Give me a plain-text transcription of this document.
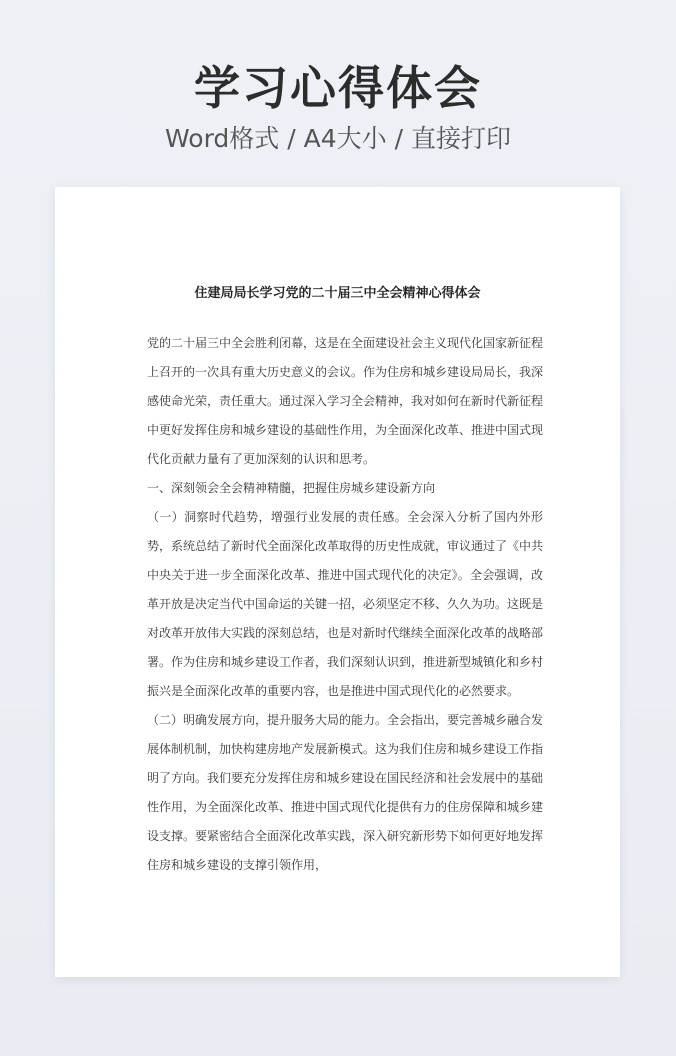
学习心得体会
Word格式 / A4大小 / 直接打印
住建局局长学习党的二十届三中全会精神心得体会

党的二十届三中全会胜利闭幕，这是在全面建设社会主义现代化国家新征程上召开的一次具有重大历史意义的会议。作为住房和城乡建设局局长，我深感使命光荣，责任重大。通过深入学习全会精神，我对如何在新时代新征程中更好发挥住房和城乡建设的基础性作用，为全面深化改革、推进中国式现代化贡献力量有了更加深刻的认识和思考。

一、深刻领会全会精神精髓，把握住房城乡建设新方向

（一）洞察时代趋势，增强行业发展的责任感。全会深入分析了国内外形势，系统总结了新时代全面深化改革取得的历史性成就，审议通过了《中共中央关于进一步全面深化改革、推进中国式现代化的决定》。全会强调，改革开放是决定当代中国命运的关键一招，必须坚定不移、久久为功。这既是对改革开放伟大实践的深刻总结，也是对新时代继续全面深化改革的战略部署。作为住房和城乡建设工作者，我们深刻认识到，推进新型城镇化和乡村振兴是全面深化改革的重要内容，也是推进中国式现代化的必然要求。

（二）明确发展方向，提升服务大局的能力。全会指出，要完善城乡融合发展体制机制，加快构建房地产发展新模式。这为我们住房和城乡建设工作指明了方向。我们要充分发挥住房和城乡建设在国民经济和社会发展中的基础性作用，为全面深化改革、推进中国式现代化提供有力的住房保障和城乡建设支撑。要紧密结合全面深化改革实践，深入研究新形势下如何更好地发挥住房和城乡建设的支撑引领作用，
